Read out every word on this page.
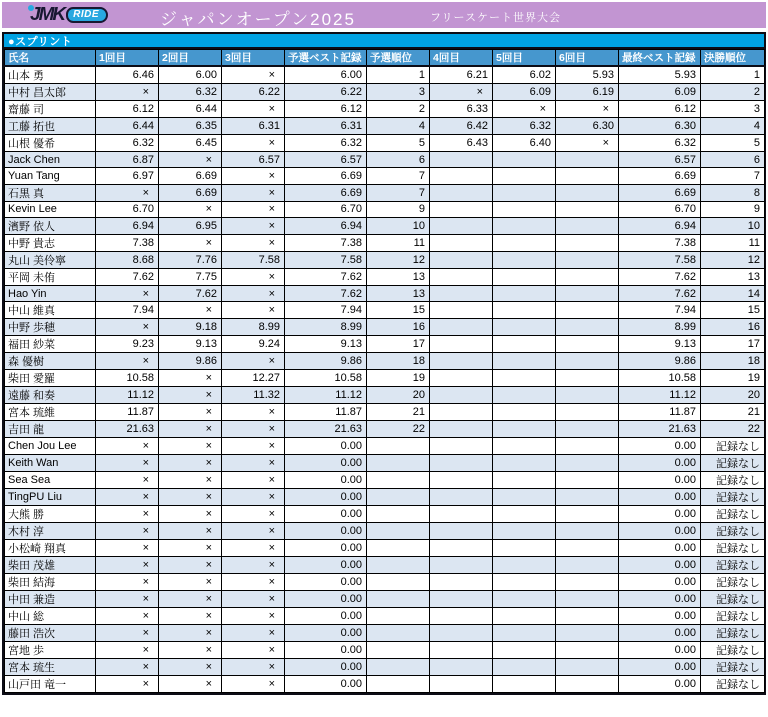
JMK RIDE	ジャパンオープン2025	フリースケート世界大会
●スプリント
氏名	1回目	2回目	3回目	予選ベスト記録	予選順位	4回目	5回目	6回目	最終ベスト記録	決勝順位
山本 勇	6.46	6.00	×	6.00	1	6.21	6.02	5.93	5.93	1
中村 昌太郎	×	6.32	6.22	6.22	3	×	6.09	6.19	6.09	2
齋藤 司	6.12	6.44	×	6.12	2	6.33	×	×	6.12	3
工藤 拓也	6.44	6.35	6.31	6.31	4	6.42	6.32	6.30	6.30	4
山根 優希	6.32	6.45	×	6.32	5	6.43	6.40	×	6.32	5
Jack Chen	6.87	×	6.57	6.57	6				6.57	6
Yuan Tang	6.97	6.69	×	6.69	7				6.69	7
石黒 真	×	6.69	×	6.69	7				6.69	8
Kevin Lee	6.70	×	×	6.70	9				6.70	9
濱野 依人	6.94	6.95	×	6.94	10				6.94	10
中野 貴志	7.38	×	×	7.38	11				7.38	11
丸山 美伶寧	8.68	7.76	7.58	7.58	12				7.58	12
平岡 未侑	7.62	7.75	×	7.62	13				7.62	13
Hao Yin	×	7.62	×	7.62	13				7.62	14
中山 維真	7.94	×	×	7.94	15				7.94	15
中野 歩穂	×	9.18	8.99	8.99	16				8.99	16
福田 紗菜	9.23	9.13	9.24	9.13	17				9.13	17
森 優樹	×	9.86	×	9.86	18				9.86	18
柴田 愛羅	10.58	×	12.27	10.58	19				10.58	19
遠藤 和奏	11.12	×	11.32	11.12	20				11.12	20
宮本 琉維	11.87	×	×	11.87	21				11.87	21
吉田 龍	21.63	×	×	21.63	22				21.63	22
Chen Jou Lee	×	×	×	0.00					0.00	記録なし
Keith Wan	×	×	×	0.00					0.00	記録なし
Sea Sea	×	×	×	0.00					0.00	記録なし
TingPU Liu	×	×	×	0.00					0.00	記録なし
大熊 勝	×	×	×	0.00					0.00	記録なし
木村 淳	×	×	×	0.00					0.00	記録なし
小松崎 翔真	×	×	×	0.00					0.00	記録なし
柴田 茂雄	×	×	×	0.00					0.00	記録なし
柴田 結海	×	×	×	0.00					0.00	記録なし
中田 兼造	×	×	×	0.00					0.00	記録なし
中山 総	×	×	×	0.00					0.00	記録なし
藤田 浩次	×	×	×	0.00					0.00	記録なし
宮地 歩	×	×	×	0.00					0.00	記録なし
宮本 琉生	×	×	×	0.00					0.00	記録なし
山戸田 竜一	×	×	×	0.00					0.00	記録なし
